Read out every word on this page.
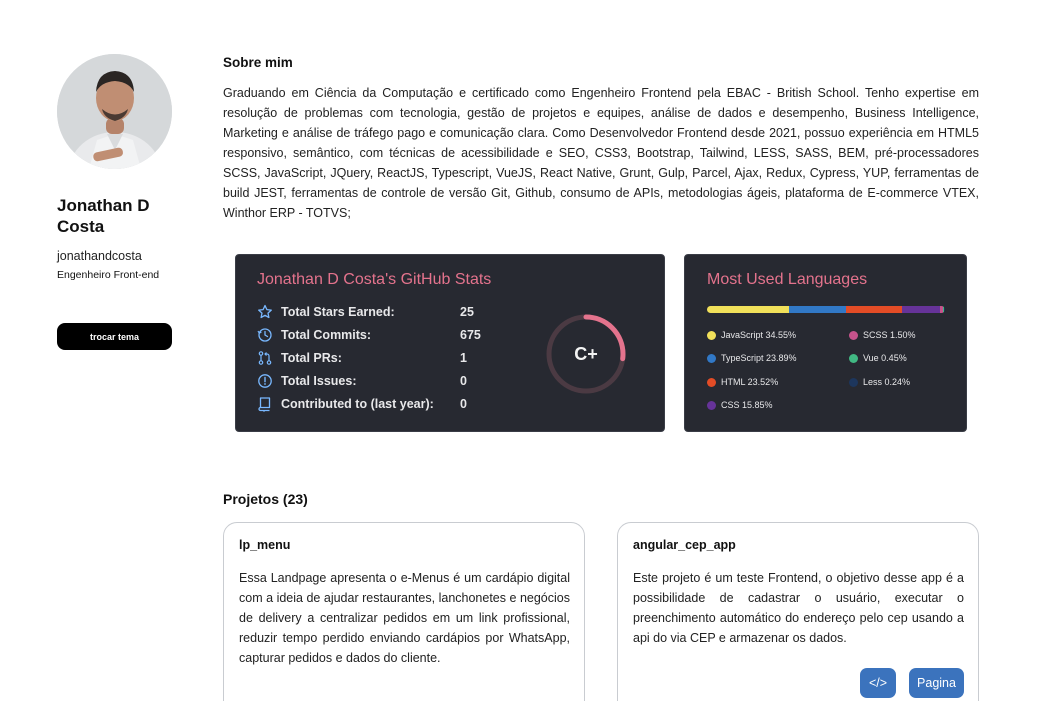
Jonathan D Costa
jonathandcosta
Engenheiro Front-end
trocar tema
Sobre mim

Graduando em Ciência da Computação e certificado como Engenheiro Frontend pela EBAC - British School. Tenho expertise em resolução de problemas com tecnologia, gestão de projetos e equipes, análise de dados e desempenho, Business Intelligence, Marketing e análise de tráfego pago e comunicação clara. Como Desenvolvedor Frontend desde 2021, possuo experiência em HTML5 responsivo, semântico, com técnicas de acessibilidade e SEO, CSS3, Bootstrap, Tailwind, LESS, SASS, BEM, pré-processadores SCSS, JavaScript, JQuery, ReactJS, Typescript, VueJS, React Native, Grunt, Gulp, Parcel, Ajax, Redux, Cypress, YUP, ferramentas de build JEST, ferramentas de controle de versão Git, Github, consumo de APIs, metodologias ágeis, plataforma de E-commerce VTEX, Winthor ERP - TOTVS;

Jonathan D Costa's GitHub Stats
Total Stars Earned:	25
Total Commits:	675
Total PRs:	1
Total Issues:	0
Contributed to (last year):	0
C+
Most Used Languages
JavaScript 34.55%
TypeScript 23.89%
HTML 23.52%
CSS 15.85%
SCSS 1.50%
Vue 0.45%
Less 0.24%
Projetos (23)
lp_menu

Essa Landpage apresenta o e-Menus é um cardápio digital com a ideia de ajudar restaurantes, lanchonetes e negócios de delivery a centralizar pedidos em um link profissional, reduzir tempo perdido enviando cardápios por WhatsApp, capturar pedidos e dados do cliente.

angular_cep_app

Este projeto é um teste Frontend, o objetivo desse app é a possibilidade de cadastrar o usuário, executar o preenchimento automático do endereço pelo cep usando a api do via CEP e armazenar os dados.

</>	Pagina
